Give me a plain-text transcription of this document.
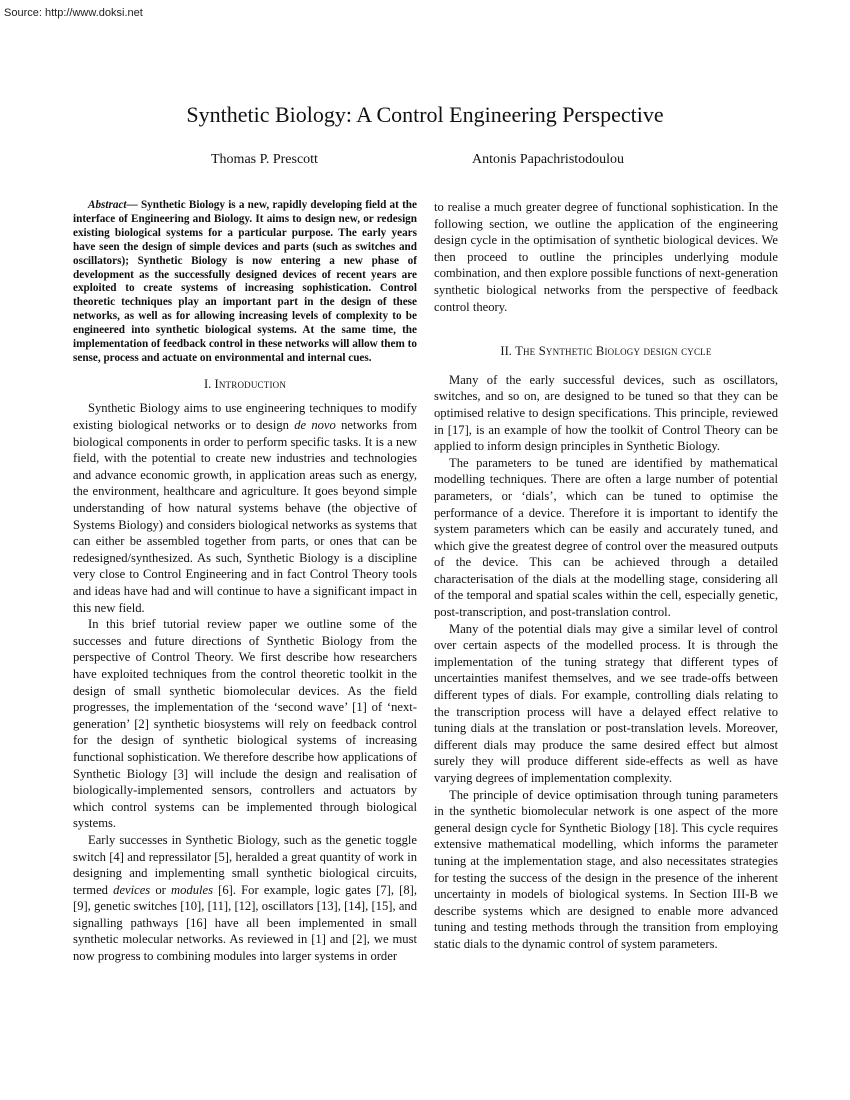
Source: http://www.doksi.net
Synthetic Biology: A Control Engineering Perspective
Thomas P. Prescott	Antonis Papachristodoulou

Abstract— Synthetic Biology is a new, rapidly developing field at the interface of Engineering and Biology. It aims to design new, or redesign existing biological systems for a particular purpose. The early years have seen the design of simple devices and parts (such as switches and oscillators); Synthetic Biology is now entering a new phase of development as the successfully designed devices of recent years are exploited to create systems of increasing sophistication. Control theoretic techniques play an important part in the design of these networks, as well as for allowing increasing levels of complexity to be engineered into synthetic biological systems. At the same time, the implementation of feedback control in these networks will allow them to sense, process and actuate on environmental and internal cues.

I. Introduction

Synthetic Biology aims to use engineering techniques to modify existing biological networks or to design de novo networks from biological components in order to perform specific tasks. It is a new field, with the potential to create new industries and technologies and advance economic growth, in application areas such as energy, the environment, healthcare and agriculture. It goes beyond simple understanding of how natural systems behave (the objective of Systems Biology) and considers biological networks as systems that can either be assembled together from parts, or ones that can be redesigned/synthesized. As such, Synthetic Biology is a discipline very close to Control Engineering and in fact Control Theory tools and ideas have had and will continue to have a significant impact in this new field.

In this brief tutorial review paper we outline some of the successes and future directions of Synthetic Biology from the perspective of Control Theory. We first describe how researchers have exploited techniques from the control theoretic toolkit in the design of small synthetic biomolecular devices. As the field progresses, the implementation of the ‘second wave’ [1] of ‘next-generation’ [2] synthetic biosystems will rely on feedback control for the design of synthetic biological systems of increasing functional sophistication. We therefore describe how applications of Synthetic Biology [3] will include the design and realisation of biologically-implemented sensors, controllers and actuators by which control systems can be implemented through biological systems.

Early successes in Synthetic Biology, such as the genetic toggle switch [4] and repressilator [5], heralded a great quantity of work in designing and implementing small synthetic biological circuits, termed devices or modules [6]. For example, logic gates [7], [8], [9], genetic switches [10], [11], [12], oscillators [13], [14], [15], and signalling pathways [16] have all been implemented in small synthetic molecular networks. As reviewed in [1] and [2], we must now progress to combining modules into larger systems in order

to realise a much greater degree of functional sophistication. In the following section, we outline the application of the engineering design cycle in the optimisation of synthetic biological devices. We then proceed to outline the principles underlying module combination, and then explore possible functions of next-generation synthetic biological networks from the perspective of feedback control theory.

II. The Synthetic Biology design cycle

Many of the early successful devices, such as oscillators, switches, and so on, are designed to be tuned so that they can be optimised relative to design specifications. This principle, reviewed in [17], is an example of how the toolkit of Control Theory can be applied to inform design principles in Synthetic Biology.

The parameters to be tuned are identified by mathematical modelling techniques. There are often a large number of potential parameters, or ‘dials’, which can be tuned to optimise the performance of a device. Therefore it is important to identify the system parameters which can be easily and accurately tuned, and which give the greatest degree of control over the measured outputs of the device. This can be achieved through a detailed characterisation of the dials at the modelling stage, considering all of the temporal and spatial scales within the cell, especially genetic, post-transcription, and post-translation control.

Many of the potential dials may give a similar level of control over certain aspects of the modelled process. It is through the implementation of the tuning strategy that different types of uncertainties manifest themselves, and we see trade-offs between different types of dials. For example, controlling dials relating to the transcription process will have a delayed effect relative to tuning dials at the translation or post-translation levels. Moreover, different dials may produce the same desired effect but almost surely they will produce different side-effects as well as have varying degrees of implementation complexity.

The principle of device optimisation through tuning parameters in the synthetic biomolecular network is one aspect of the more general design cycle for Synthetic Biology [18]. This cycle requires extensive mathematical modelling, which informs the parameter tuning at the implementation stage, and also necessitates strategies for testing the success of the design in the presence of the inherent uncertainty in models of biological systems. In Section III-B we describe systems which are designed to enable more advanced tuning and testing methods through the transition from employing static dials to the dynamic control of system parameters.
